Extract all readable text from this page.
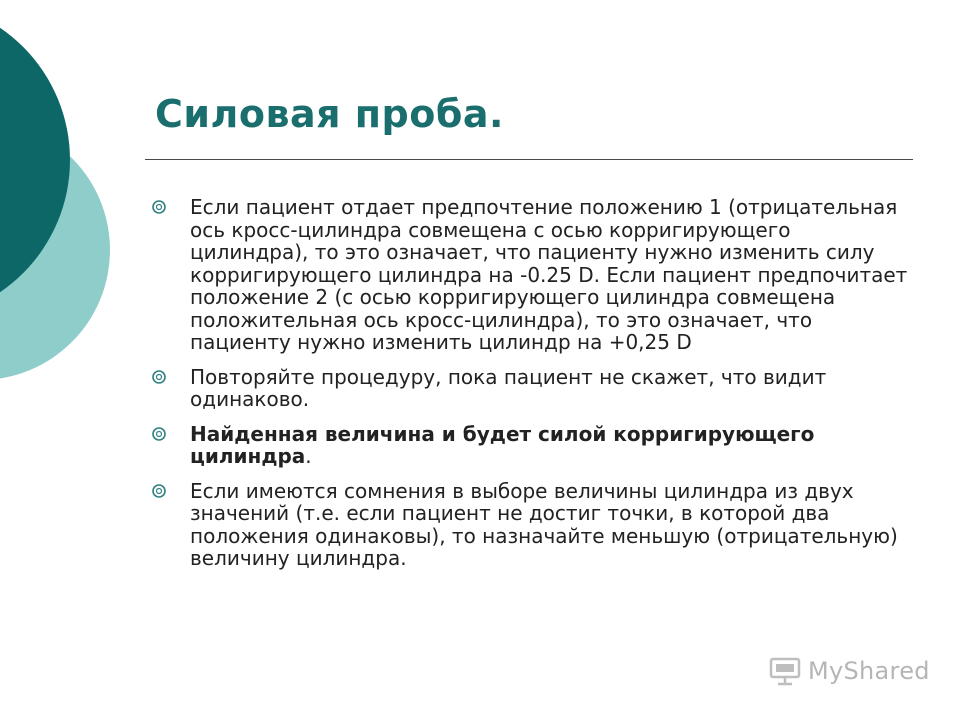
Силовая проба.
Если пациент отдает предпочтение положению 1 (отрицательная ось кросс-цилиндра совмещена с осью корригирующего цилиндра), то это означает, что пациенту нужно изменить силу корригирующего цилиндра на -0.25 D. Если пациент предпочитает положение 2 (с осью корригирующего цилиндра совмещена положительная ось кросс-цилиндра), то это означает, что пациенту нужно изменить цилиндр на +0,25 D
Повторяйте процедуру, пока пациент не скажет, что видит одинаково.
Найденная величина и будет силой корригирующего цилиндра.
Если имеются сомнения в выборе величины цилиндра из двух значений (т.е. если пациент не достиг точки, в которой два положения одинаковы), то назначайте меньшую (отрицательную) величину цилиндра.
MyShared
